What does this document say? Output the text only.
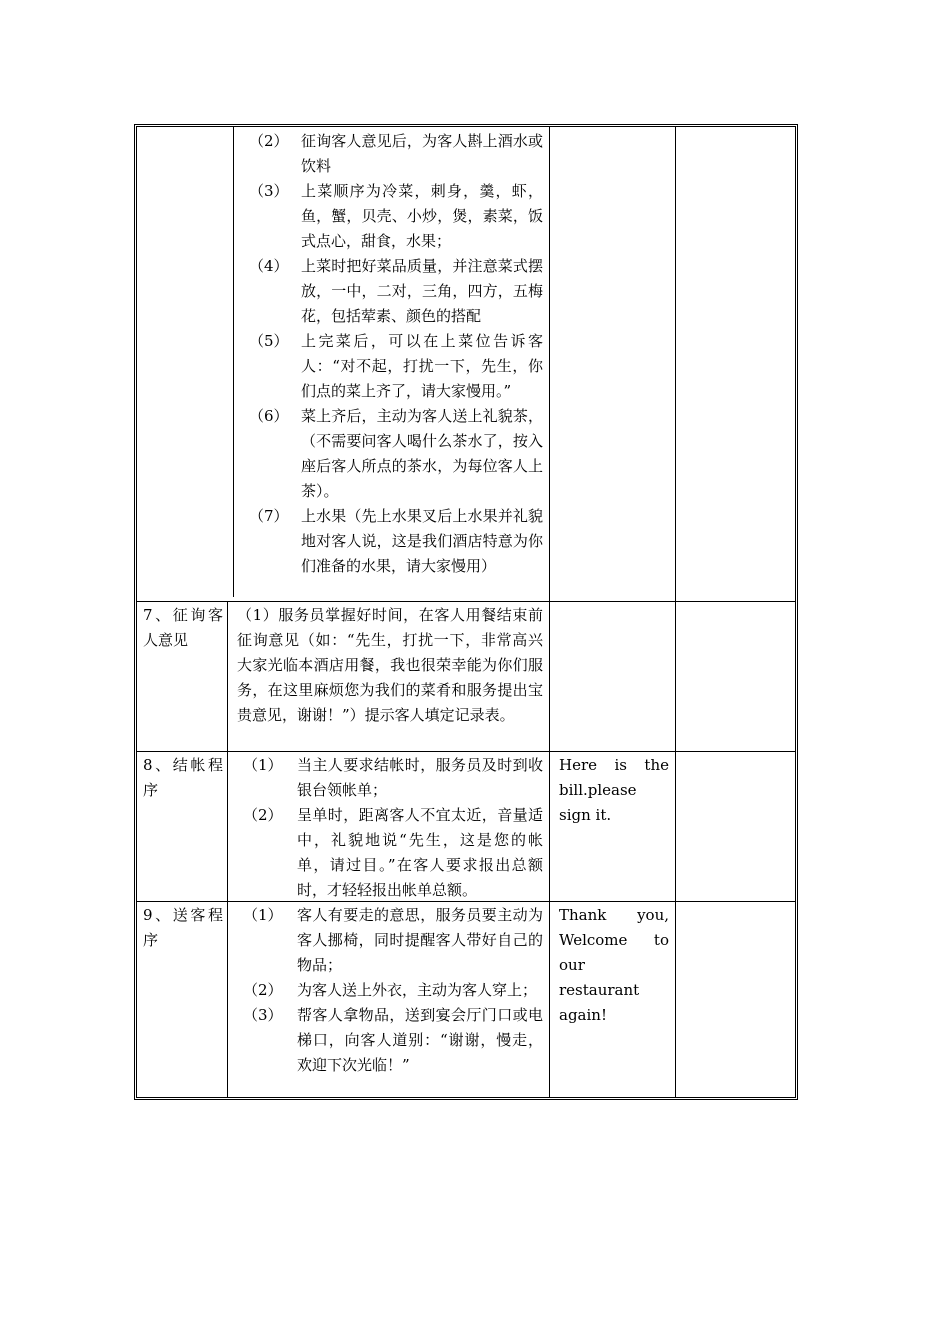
（2） 征询客人意见后，为客人斟上酒水或饮料
（3） 上菜顺序为冷菜，刺身，羹，虾，鱼，蟹，贝壳、小炒，煲，素菜，饭式点心，甜食，水果；
（4） 上菜时把好菜品质量，并注意菜式摆放，一中，二对，三角，四方，五梅花，包括荤素、颜色的搭配
（5） 上完菜后，可以在上菜位告诉客人：“对不起，打扰一下，先生，你们点的菜上齐了，请大家慢用。”
（6） 菜上齐后，主动为客人送上礼貌茶，（不需要问客人喝什么茶水了，按入座后客人所点的茶水，为每位客人上茶）。
（7） 上水果（先上水果叉后上水果并礼貌地对客人说，这是我们酒店特意为你们准备的水果，请大家慢用）
7、征询客人意见
（1）服务员掌握好时间，在客人用餐结束前征询意见（如：“先生，打扰一下，非常高兴大家光临本酒店用餐，我也很荣幸能为你们服务，在这里麻烦您为我们的菜肴和服务提出宝贵意见，谢谢！”）提示客人填定记录表。
8、结帐程序
（1） 当主人要求结帐时，服务员及时到收银台领帐单；
（2） 呈单时，距离客人不宜太近，音量适中，礼貌地说“先生，这是您的帐单，请过目。”在客人要求报出总额时，才轻轻报出帐单总额。
Here is the bill.please sign it.
9、送客程序
（1） 客人有要走的意思，服务员要主动为客人挪椅，同时提醒客人带好自己的物品；
（2） 为客人送上外衣，主动为客人穿上；
（3） 帮客人拿物品，送到宴会厅门口或电梯口，向客人道别：“谢谢，慢走，欢迎下次光临！”
Thank you, Welcome to our restaurant again!
